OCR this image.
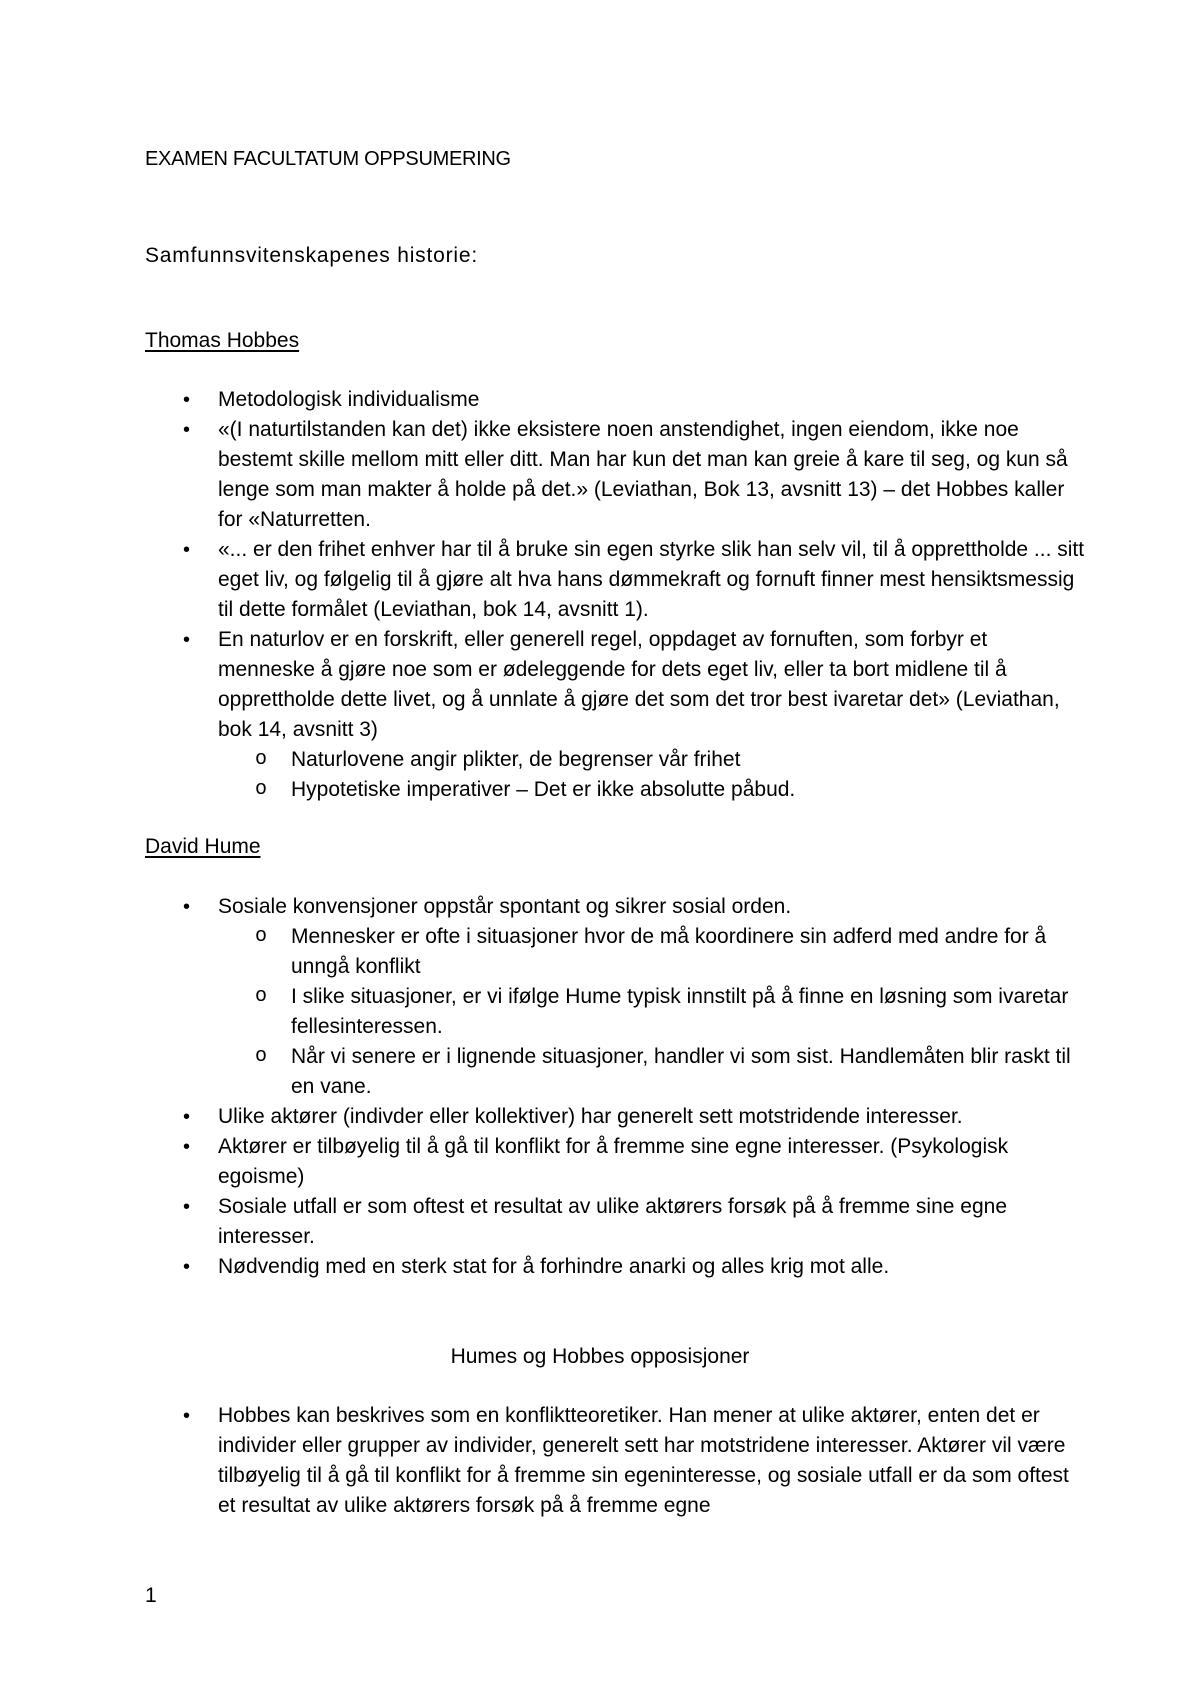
EXAMEN FACULTATUM OPPSUMERING
Samfunnsvitenskapenes historie:
Thomas Hobbes
• Metodologisk individualisme
• «(I naturtilstanden kan det) ikke eksistere noen anstendighet, ingen eiendom, ikke noe bestemt skille mellom mitt eller ditt. Man har kun det man kan greie å kare til seg, og kun så lenge som man makter å holde på det.» (Leviathan, Bok 13, avsnitt 13) – det Hobbes kaller for «Naturretten.
• «... er den frihet enhver har til å bruke sin egen styrke slik han selv vil, til å opprettholde ... sitt eget liv, og følgelig til å gjøre alt hva hans dømmekraft og fornuft finner mest hensiktsmessig til dette formålet (Leviathan, bok 14, avsnitt 1).
• En naturlov er en forskrift, eller generell regel, oppdaget av fornuften, som forbyr et menneske å gjøre noe som er ødeleggende for dets eget liv, eller ta bort midlene til å opprettholde dette livet, og å unnlate å gjøre det som det tror best ivaretar det» (Leviathan, bok 14, avsnitt 3)
o Naturlovene angir plikter, de begrenser vår frihet
o Hypotetiske imperativer – Det er ikke absolutte påbud.
David Hume
• Sosiale konvensjoner oppstår spontant og sikrer sosial orden.
o Mennesker er ofte i situasjoner hvor de må koordinere sin adferd med andre for å unngå konflikt
o I slike situasjoner, er vi ifølge Hume typisk innstilt på å finne en løsning som ivaretar fellesinteressen.
o Når vi senere er i lignende situasjoner, handler vi som sist. Handlemåten blir raskt til en vane.
• Ulike aktører (indivder eller kollektiver) har generelt sett motstridende interesser.
• Aktører er tilbøyelig til å gå til konflikt for å fremme sine egne interesser. (Psykologisk egoisme)
• Sosiale utfall er som oftest et resultat av ulike aktørers forsøk på å fremme sine egne interesser.
• Nødvendig med en sterk stat for å forhindre anarki og alles krig mot alle.
Humes og Hobbes opposisjoner
• Hobbes kan beskrives som en konfliktteoretiker. Han mener at ulike aktører, enten det er individer eller grupper av individer, generelt sett har motstridene interesser. Aktører vil være tilbøyelig til å gå til konflikt for å fremme sin egeninteresse, og sosiale utfall er da som oftest et resultat av ulike aktørers forsøk på å fremme egne
1
